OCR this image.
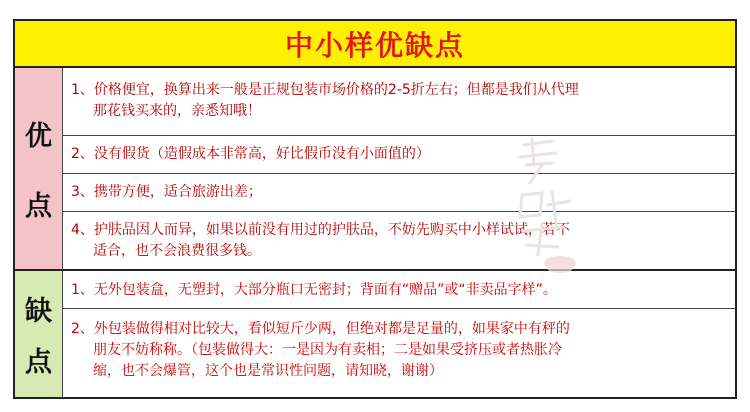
中小样优缺点
优
点

1、价格便宜，换算出来一般是正规包装市场价格的2-5折左右；但都是我们从代理

那花钱买来的，亲悉知哦！

2、没有假货（造假成本非常高，好比假币没有小面值的）

3、携带方便，适合旅游出差；

4、护肤品因人而异，如果以前没有用过的护肤品，不妨先购买中小样试试，若不

适合，也不会浪费很多钱。

缺
点

1、无外包装盒，无塑封，大部分瓶口无密封；背面有“赠品”或“非卖品字样”。

2、外包装做得相对比较大，看似短斤少两，但绝对都是足量的，如果家中有秤的

朋友不妨称称。（包装做得大：一是因为有卖相；二是如果受挤压或者热胀冷

缩，也不会爆管，这个也是常识性问题，请知晓，谢谢）
